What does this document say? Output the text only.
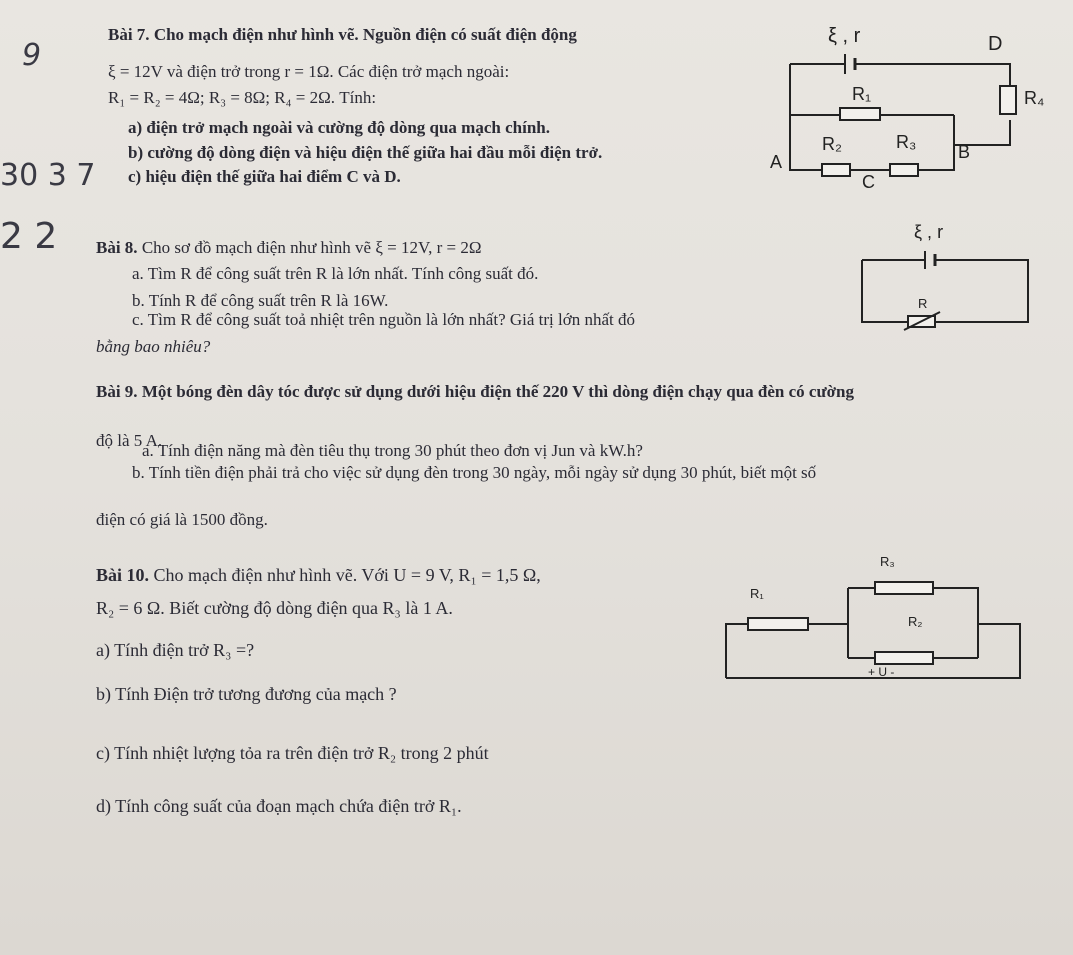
9
30 3 7
2 2
Bài 7. Cho mạch điện như hình vẽ. Nguồn điện có suất điện động
ξ = 12V và điện trở trong r = 1Ω. Các điện trở mạch ngoài:
R₁ = R₂ = 4Ω; R₃ = 8Ω; R₄ = 2Ω. Tính:
a) điện trở mạch ngoài và cường độ dòng qua mạch chính.
b) cường độ dòng điện và hiệu điện thế giữa hai đầu mỗi điện trở.
c) hiệu điện thế giữa hai điểm C và D.
ξ , r	D
R₄
R₁
R₂	R₃
A	B
C
Bài 8. Cho sơ đồ mạch điện như hình vẽ ξ = 12V, r = 2Ω
a. Tìm R để công suất trên R là lớn nhất. Tính công suất đó.
b. Tính R để công suất trên R là 16W.
c. Tìm R để công suất toả nhiệt trên nguồn là lớn nhất? Giá trị lớn nhất đó
bằng bao nhiêu?
ξ , r
R
Bài 9. Một bóng đèn dây tóc được sử dụng dưới hiệu điện thế 220 V thì dòng điện chạy qua đèn có cường
độ là 5 A.
a. Tính điện năng mà đèn tiêu thụ trong 30 phút theo đơn vị Jun và kW.h?
b. Tính tiền điện phải trả cho việc sử dụng đèn trong 30 ngày, mỗi ngày sử dụng 30 phút, biết một số
điện có giá là 1500 đồng.
Bài 10. Cho mạch điện như hình vẽ. Với U = 9 V, R₁ = 1,5 Ω,
R₂ = 6 Ω. Biết cường độ dòng điện qua R₃ là 1 A.
a) Tính điện trở R₃ =?
b) Tính Điện trở tương đương của mạch ?
c) Tính nhiệt lượng tỏa ra trên điện trở R₂ trong 2 phút
d) Tính công suất của đoạn mạch chứa điện trở R₁.
R₁
R₃
R₂
+ U -
